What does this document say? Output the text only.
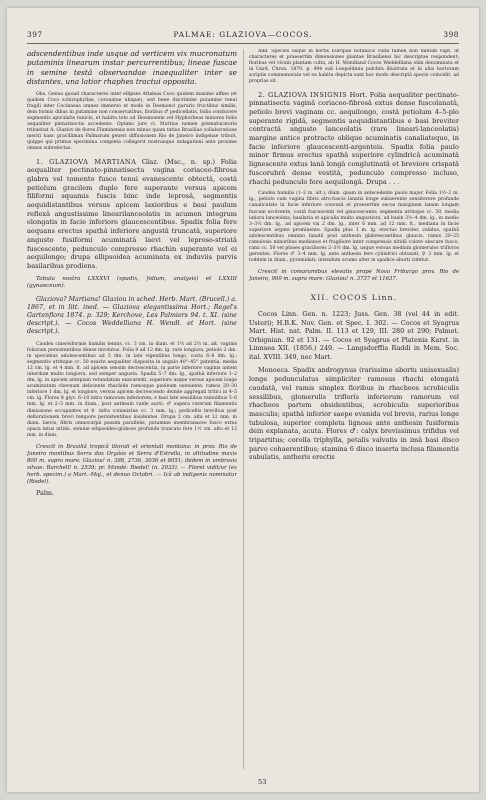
397	PALMAE: GLAZIOVA—COCOS.	398

adscendentibus inde usque ad verticem vix mucronatum putaminis linearum instar percurrentibus; lineae fuscae in semine testâ observandae inaequaliter inter se distantes, una latior rhaphes tractui opposita.

Obs. Genus quoad characteres inter ellipses Attaleas Coco quidem maxime affine (et quidem Coco schizophyllae, coronatae ubique), sed bene discrimine putamine tenui fragili inter Cocinaeas omnes immerso et modo in Desmonci paruris fructibus similis, dein formis dibus in putamine non conservatibus, floribus ♂ pedicellatis, foliis conducere segmentis apiculatis tunicis, et habitu toto ad Diosmonem vel Hyphorbeas minores foliis aequaliter pinnatisectis accedente. Optimo jure cl. Martius nomen prematuratorie tribuebat A. Glaziov de flores Fluminensis non minus quam tatius Brasiliae collaboratione meriti hanc gracilliman Palmarum generi diffusionem Rio de Janeiro indigenae tribuit, quippe qui primus specimina completa collegerit nostranque indagationi ante proxime omnes subrelectas.

1. GLAZIOVA MARTIANA Glaz. (Msc., n. sp.) Folia aequaliter pectinato-pinnatisecta vagina coriaceo-fibrosa glabra vel tomento fusco tenui evanescente obtectâ, costâ petiolum gracilem duplo fere superante versus apicem filiformi squamis fuscis binc inde leprosâ, segmentis aequidistantibus versus apicem laxioribus e basi paulum reflexâ angustissime linearilanceolatis in acumen integrum elongatis in facie inferiore glaucescentibus. Spadix folia fere aequans erectus spathâ inferiore angustâ truncatâ, superiore angusto fusiformi acuminatâ laevi vel leproso-striatâ fuscescente, pedunculo compresso rhachin superante vel ei aequilongo; drupa ellipsoidea acuminata ex induviis parvis basilaribus prodiens.

Tabula nostra LXXXVI (spadix, folium, analysis) et LXXIII (gynaeceum).

Glaziova? Martiana! Glaziou in sched. Herb. Mart. (Brucell.) a. 1867, et in litt. ined. — Glaziova elegantissima Hort.; Regel's Gartenflora 1874. p. 329; Kerchove, Les Palmiers 94. t. XI. (sine descript.). — Cocos Weddelliana H. Wendl. et Hort. (sine descript.).

Caudex cinereiformis humilis tennis, cc. 3 cm. in diam. et 1½ ad 2½ m. alt. vaginis folioram persistentibus dense involutus. Folia 9 ad 12 dm. lg. rare longiora, petiolo 2 dm. in speciebus adolescentibus ad 5 dm. in late vigentibus longo, costa 6–8 dm. lg.; segmentis utrinque cc. 50 exacte aequaliter disposita in angulo 40°–45° patentia, media 12 cm. lg. et 4 mm. lt. ad apicem sensim decrescentia, in parte inferiore vaginis antem interdum multo longiora, sed semper angusta. Spadix 5–7 dm. lg., spathâ inferiore 1–2 dm. lg. in apicem antepiam retundatum exacurenti, superiore usque versus apicem longe acuminatum chevnum deliciente rhachide ramosque pauleum exeniente, ramos 20–30 inferiore 1 dm. lg. et longiore, versus apicem decrescendo deinde aggregati tritici in 4–5 cm. lg. Flores ♀ glyc. 6–10 intra ramorum inferiorem, e basi late sessilibus ramulibus 5–6 mm. lg. et 2–3 mm. in diam., post anthesin valde aucti; ♂ supera rarerum filamentis dimissione occupantes et ♀ infra commixtae cc. 3 mm. lg.; pedicellis brevibus post deflorationem brevi tempore persistentibus insidentes. Drupa 2 cm. alta et 12 mm. in diam. laevis, fibris omnocarpii passim parallelis, putamine membranaceo fusco extus opaca intus nitido, semine ellipsoideo-globoso profunde truncato fere 1½ cm. alto et 12 mm. in diam.

Crescit in Brasiliâ tropicâ litorali et orientali montana: in prov. Rio de Janeiro montibus Serra dos Orgâos et Serra d'Estrella, in altitudine maxis 800 m. supra mare: Glaziou! n. 398, 2736, 3036 et 8051; ibidem in umbrosis silvae: Burchell! n. 2539; pr. Mandé: Riedel! (n. 2033). — Floret vidit/ur (ex herb. specim.) a Mart.–Maj., et denuo Octobri. — Icâ ab indigenis nominatur (Riedel).

Palm.

Add. Species usque in hortis Europae botanicis culta tamen non tantum vigit, ut characteres et praesertim dimensiones plantae Brasiliensi hic descriptae respondent; floribus vel vivum plantam culta, ab H. Wendland Cocos Weddelliana olim denominata et in Gard. Chron. 1870. p. 494 sub Leopoldinia pulchra illustrata et in aliis hortorum scriptis commemorata vel ea habitu depicta sunt hoc modo descriptâ specie coincidit, ad proprias sit.

2. GLAZIOVA INSIGNIS Hort. Folia aequaliter pectinato-pinnatisecta vaginâ coriaceo-fibrosâ extus dense fuscolanatâ, petiolo brevi vaginam cc. aequilongo, costâ petiolum 4–5-plo superante rigidâ, segmentis aequidistantibus e basi breviter contractâ angusto lanceolatis (rare lineari-lanceolatis) margine antice protracto oblique acuminatis canaliatequo, in facie inferiore glaucescenti-argenteis. Spadix folia paulo minor firmus erectus spathâ superiore cylindricâ acuminatâ lignescente extus lanâ longâ conglutinatâ et breviore crispatâ fuscorubrâ dense vestitâ, pedunculo compresso incluso, rhachi pedunculo fere aequilongâ. Drupa . . .

Caudex humilis (1–2 m. alt.), diam. quam in antecedente paulo major. Folia 1½–2 m. lg., petiolo cum vagina fibris atro-fuscis lanatis longe subaerente sensiterere profunde canaliculato in facie inferiore convexâ et praesertim secus marginem lanam longam fuscam ecolvente, costâ fuscescenti vel glaucescente; segmenta utrinque cc. 50, media latiora lanceolata, basilaria et apicalia multo angustiora, ad basin 3½–4 dm. lg., in medio 3–3½ dm. lg., ad apicem vix 2 dm. lg., inter 6 mm. ad 12 mm. lt., mediana in facie superiore argute prominente. Spadix plus 1 m. lg. erectus breviter, validus, spathâ adolescentibus omnino lanatâ post anthesin glabrescentibus glaucis, ramis 20–25 ramulosis minoribus medianos et fragiliore inter compressis nitidâ colore obscure fusco; rami cc. 50 vel pluses graciliores 2–3½ dm. lg. usque versus medium glomerulos trifloros gerentes. Flores ♂ 3–4 mm. lg. ante anthesin fere cylindrici obtusati, ♀ 3 mm. lg. et toddem in diam., pyramidati; intendum ocumo alter in spadice aborti videtur.

Crescit in comarumibus elevatis prope Novo Friburgo prov. Rio de Janeiro, 900 m. supra mare: Glaziou! n. 3737 et 11637.

XII. COCOS Linn.

Cocos Linn. Gen. n. 1223; Juss. Gen. 38 (vel 44 in edit. Usteri); H.B.K. Nov. Gen. et Spec. I. 302. — Cocos et Syagrus Mart. Hist. nat. Palm. II. 113 et 129, III. 280 et 290; Palmet. Orbignian. 92 et 131. — Cocos et Syagrus et Platenia Karst. in Linnaea XII. (1856.) 249. — Langsdorffia Raddi in Mem. Soc. ital. XVIII. 349, nec Mart.

Monoeca. Spadix androgynus (rarissime abortu unisexualis) longe pedunculatus simpliciter ramosus rhachi elongatâ caudatâ, vel ramis simplex floribus in rhacheos scrobiculis sessilibus, glomerulis triflorís inferiorum ramorum vel rhacheos partem obsidentibus, scrobiculis superioribus masculis; spathâ inferior saepe evanida vel brevis, rarius longe tubulosa, superior completa lignosa ante anthesin fusiformis dein explanata, acuta. Flores ♂: calyx brevissimus trifidus vel tripartitus; corolla triphylla, petalis valvatis in imâ basi disco parvo cohaerentibus; stamina 6 disco inserta inclusa filamentis subulatis, antheris erectis

53
